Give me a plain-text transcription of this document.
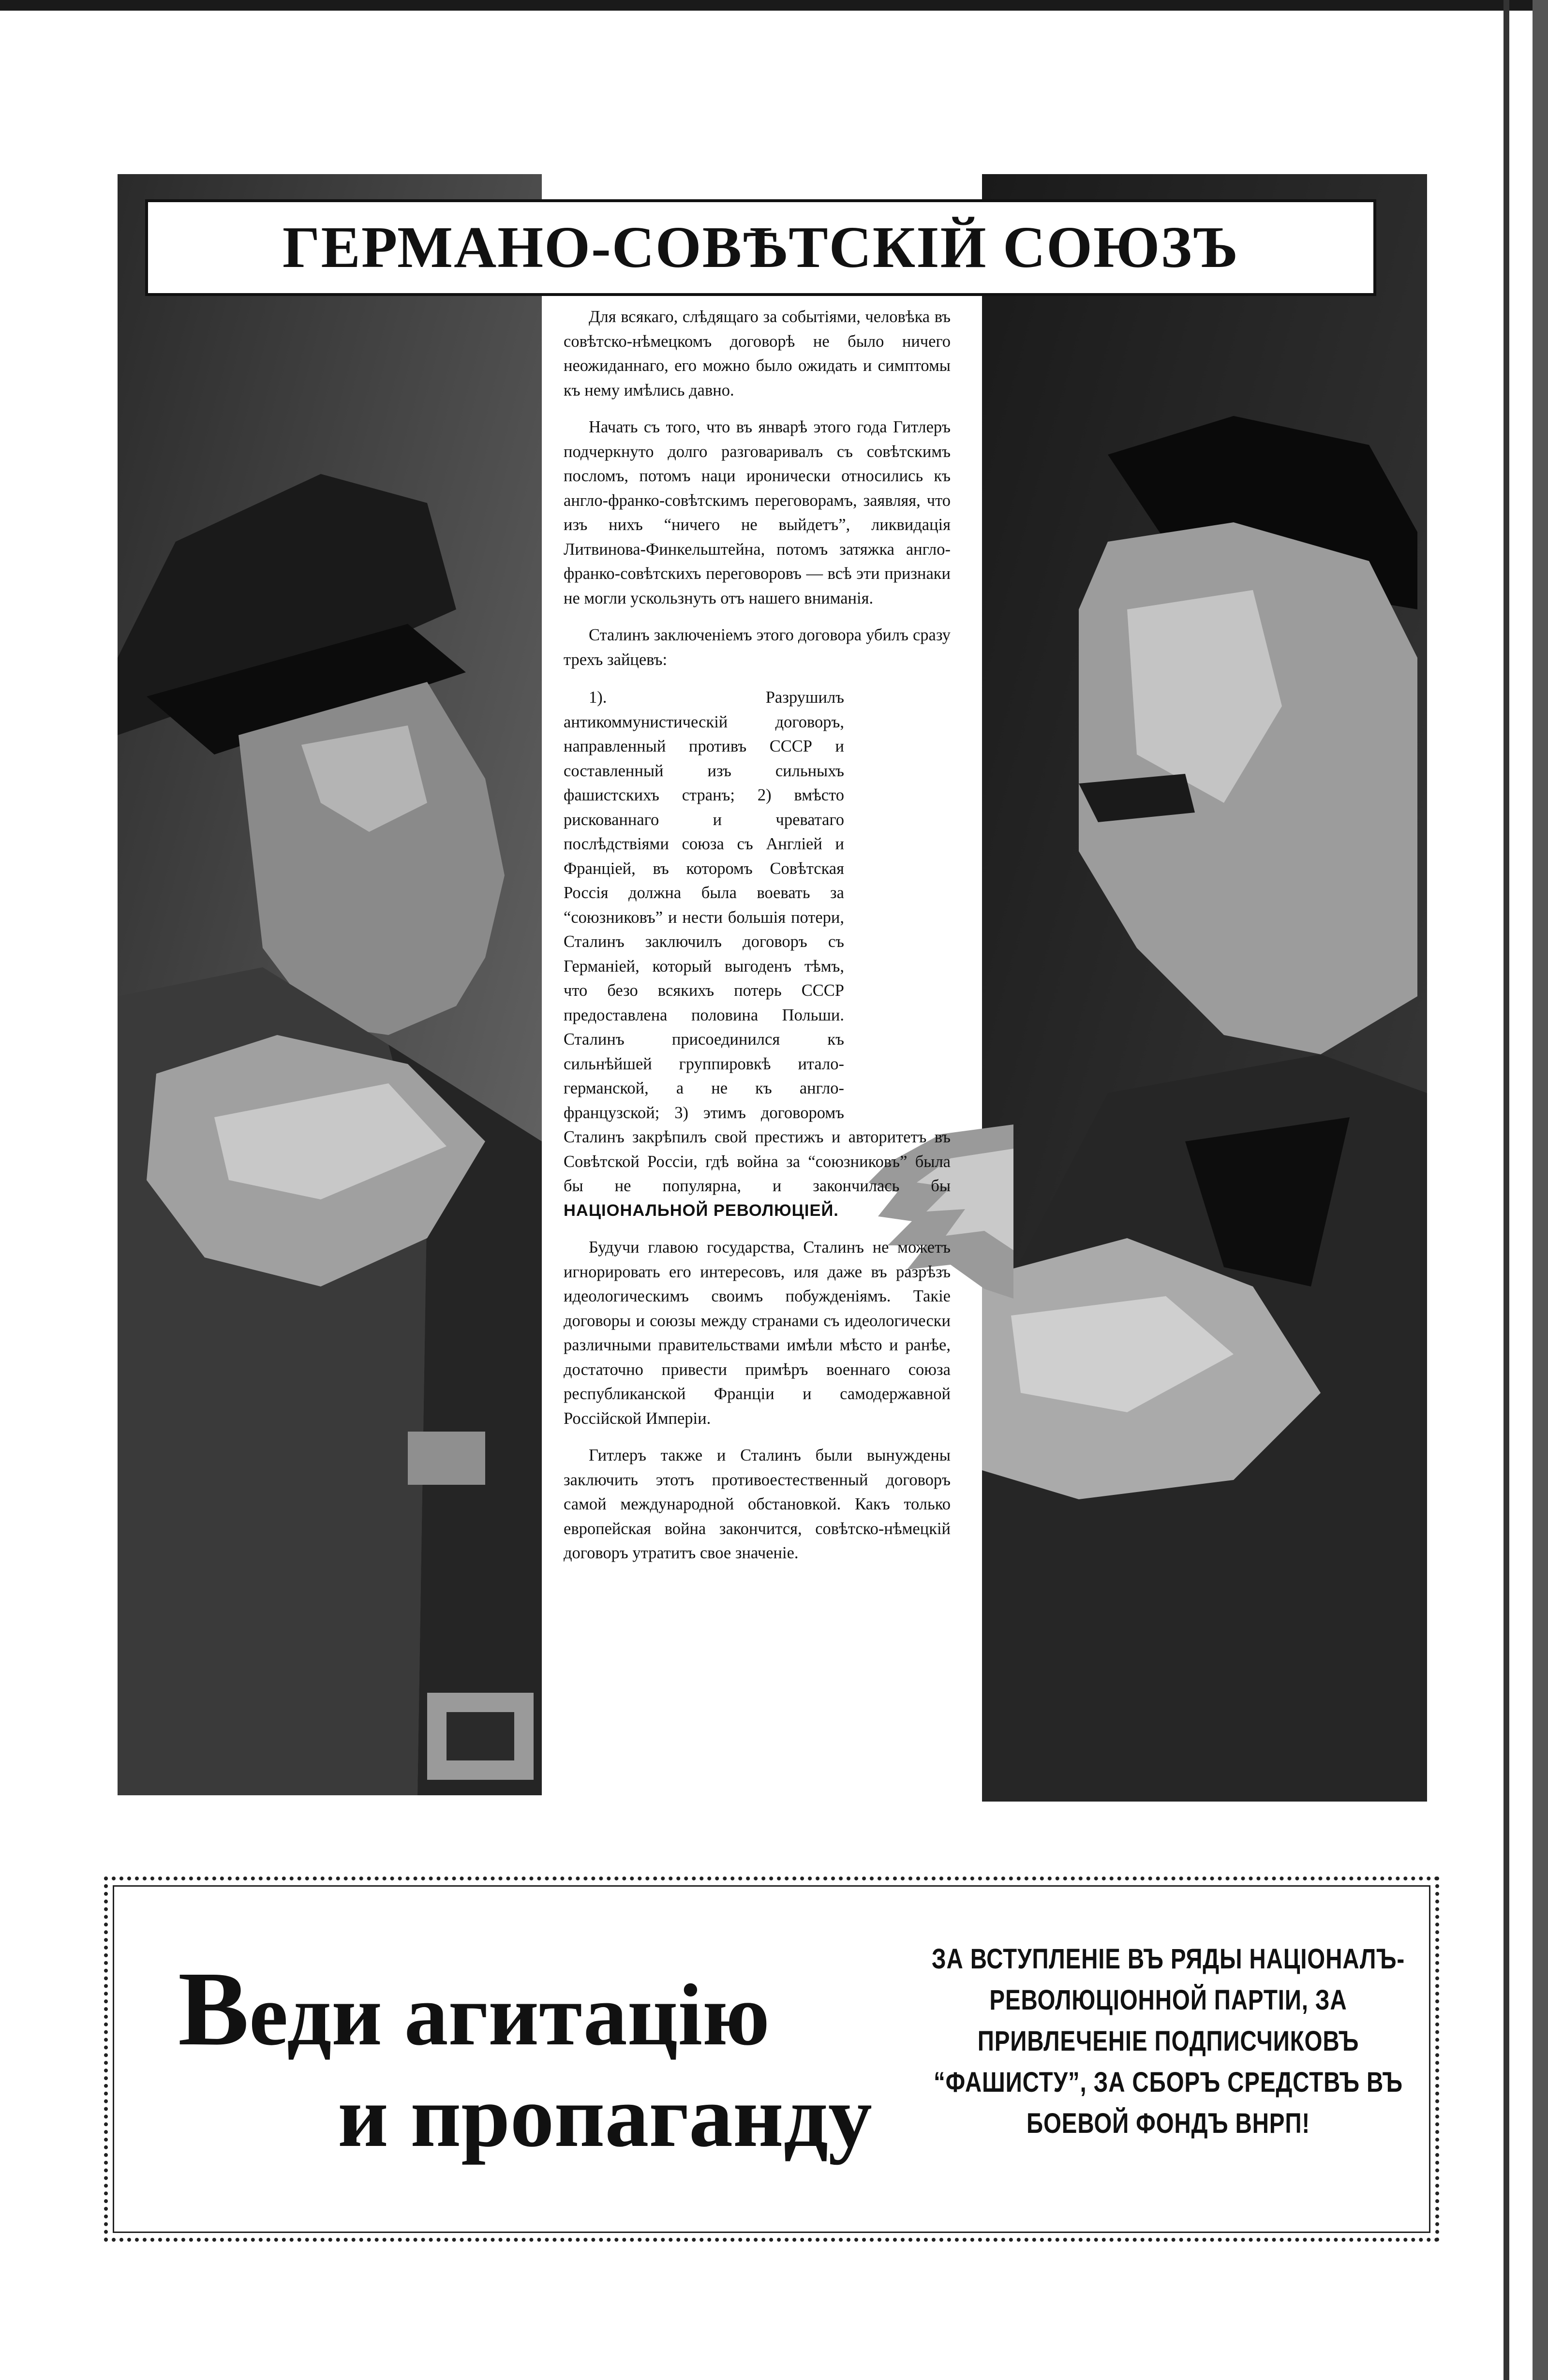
ГЕРМАНО-СОВѢТСКIЙ СОЮЗЪ

Для всякаго, слѣдящаго за событiями, человѣка въ совѣтско-нѣмецкомъ договорѣ не было ничего неожиданнаго, его можно было ожидать и симптомы къ нему имѣлись давно.

Начать съ того, что въ январѣ этого года Гитлеръ подчеркнуто долго разговаривалъ съ совѣтскимъ посломъ, потомъ наци иронически относились къ англо-франко-совѣтскимъ переговорамъ, заявляя, что изъ нихъ “ничего не выйдетъ”, ликвидацiя Литвинова-Финкельштейна, потомъ затяжка англо-франко-совѣтскихъ переговоровъ — всѣ эти признаки не могли ускользнуть отъ нашего вниманiя.

Сталинъ заключенiемъ этого договора убилъ сразу трехъ зайцевъ:

1). Разрушилъ антикоммунистическiй договоръ, направленный противъ СССР и составленный изъ сильныхъ фашистскихъ странъ; 2) вмѣсто рискованнаго и чреватаго послѣдствiями союза съ Англiей и Францiей, въ которомъ Совѣтская Россiя должна была воевать за “союзниковъ” и нести большiя потери, Сталинъ заключилъ договоръ съ Германiей, который выгоденъ тѣмъ, что безо всякихъ потерь СССР предоставлена половина Польши. Сталинъ присоединился къ сильнѣйшей группировкѣ итало-германской, а не къ англо-французской; 3) этимъ договоромъ Сталинъ закрѣпилъ свой престижъ и авторитетъ въ Совѣтской Россiи, гдѣ война за “союзниковъ” была бы не популярна, и закончилась бы НАЦIОНАЛЬНОЙ РЕВОЛЮЦIЕЙ.

Будучи главою государства, Сталинъ не можетъ игнорировать его интересовъ, иля даже въ разрѣзъ идеологическимъ своимъ побужденiямъ. Такiе договоры и союзы между странами съ идеологически различными правительствами имѣли мѣсто и ранѣе, достаточно привести примѣръ военнаго союза республиканской Францiи и самодержавной Россiйской Имперiи.

Гитлеръ также и Сталинъ были вынуждены заключить этотъ противоестественный договоръ самой международной обстановкой. Какъ только европейская война закончится, совѣтско-нѣмецкiй договоръ утратитъ свое значенiе.

Веди агитацiю
и пропаганду
ЗА ВСТУПЛЕНIЕ ВЪ РЯДЫ НАЦIОНАЛЪ-РЕВОЛЮЦIОННОЙ ПАРТIИ, ЗА ПРИВЛЕЧЕНIЕ ПОДПИСЧИКОВЪ “ФАШИСТУ”, ЗА СБОРЪ СРЕДСТВЪ ВЪ БОЕВОЙ ФОНДЪ ВНРП!
